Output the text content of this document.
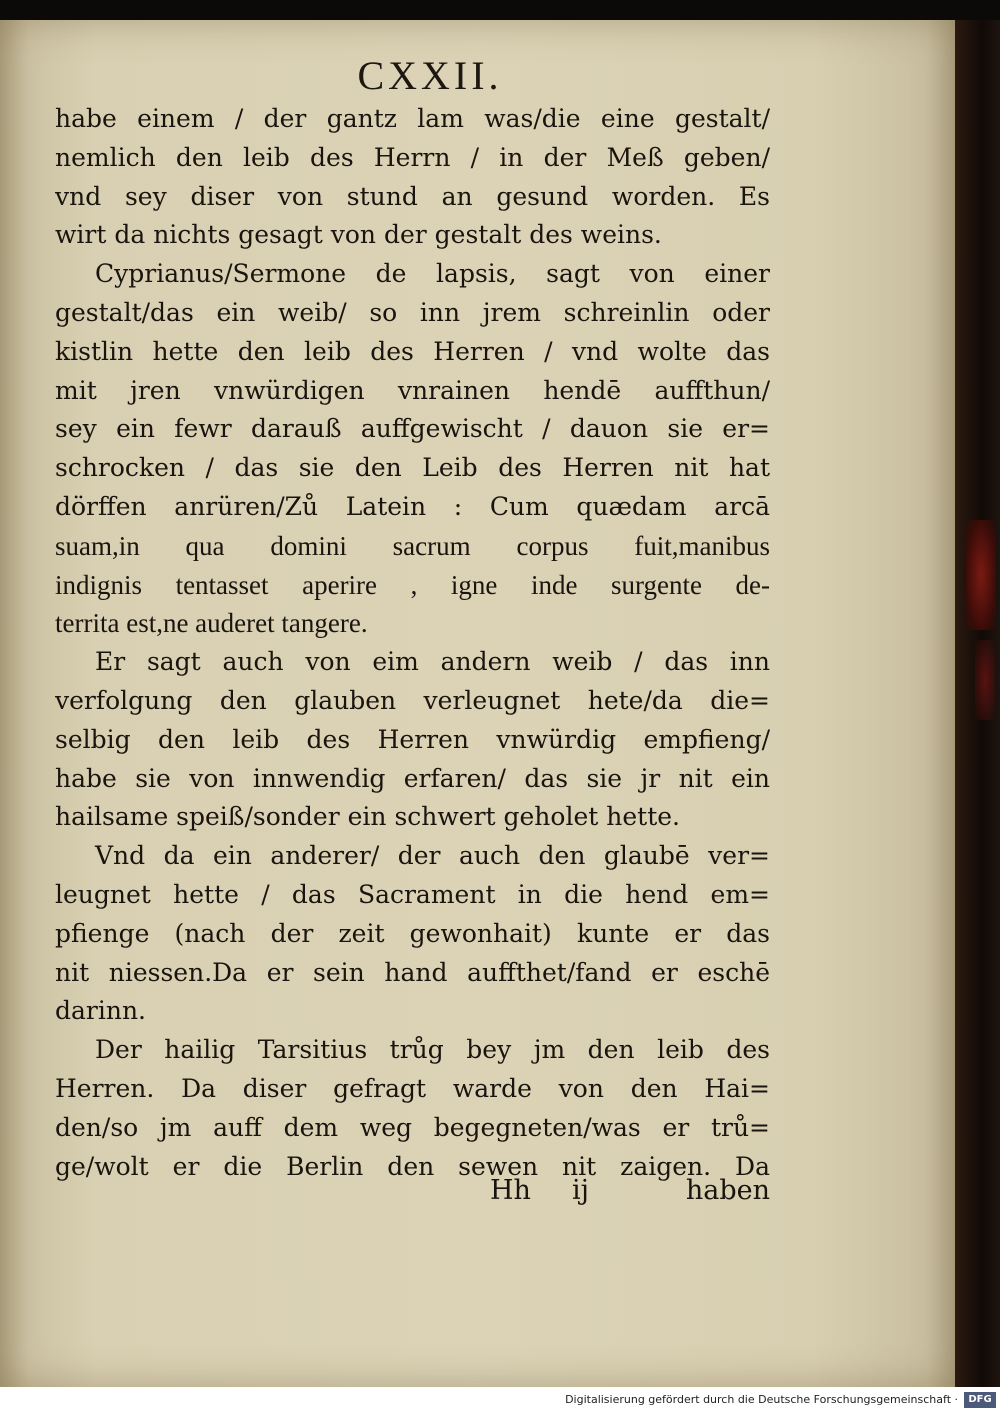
CXXII.
habe einem / der gantz lam was/die eine gestalt/
nemlich den leib des Herrn / in der Meß geben/
vnd sey diser von stund an gesund worden. Es
wirt da nichts gesagt von der gestalt des weins.
Cyprianus/Sermone de lapsis, sagt von einer
gestalt/das ein weib/ so inn jrem schreinlin oder
kistlin hette den leib des Herren / vnd wolte das
mit jren vnwürdigen vnrainen hendē auffthun/
sey ein fewr darauß auffgewischt / dauon sie er=
schrocken / das sie den Leib des Herren nit hat
dörffen anrüren/Zů Latein : Cum quædam arcā
suam,in qua domini sacrum corpus fuit,manibus
indignis tentasset aperire , igne inde surgente de-
territa est,ne auderet tangere.
Er sagt auch von eim andern weib / das inn
verfolgung den glauben verleugnet hete/da die=
selbig den leib des Herren vnwürdig empfieng/
habe sie von innwendig erfaren/ das sie jr nit ein
hailsame speiß/sonder ein schwert geholet hette.
Vnd da ein anderer/ der auch den glaubē ver=
leugnet hette / das Sacrament in die hend em=
pfienge (nach der zeit gewonhait) kunte er das
nit niessen.Da er sein hand auffthet/fand er eschē
darinn.
Der hailig Tarsitius trůg bey jm den leib des
Herren. Da diser gefragt warde von den Hai=
den/so jm auff dem weg begegneten/was er trů=
ge/wolt er die Berlin den sewen nit zaigen. Da
Hh ij	haben
Digitalisierung gefördert durch die Deutsche Forschungsgemeinschaft ·	DFG
